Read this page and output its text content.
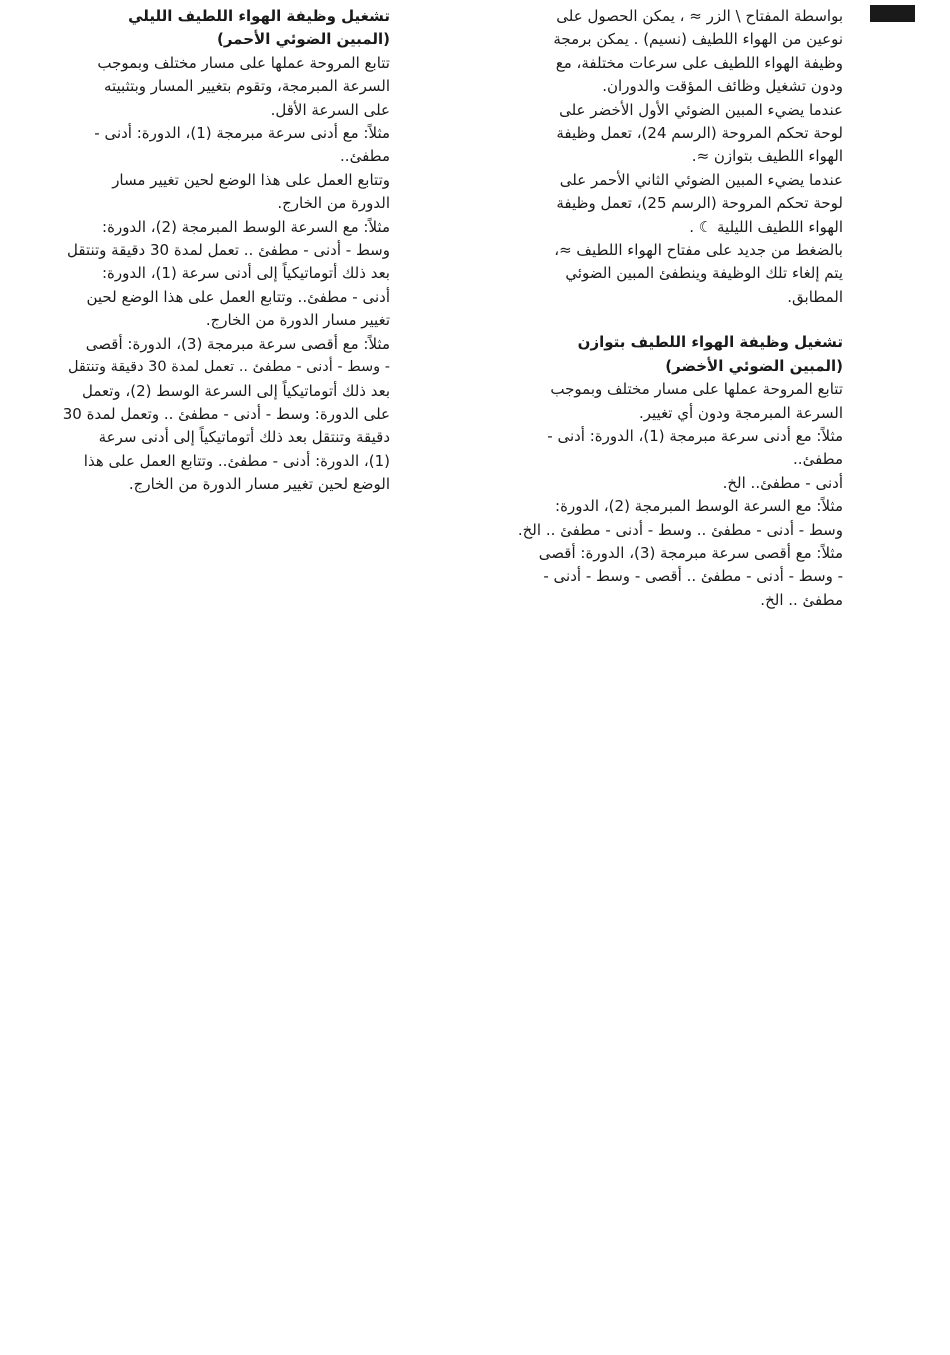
بواسطة المفتاح \ الزر ≈ ، يمكن الحصول على
نوعين من الهواء اللطيف (نسيم) . يمكن برمجة
وظيفة الهواء اللطيف على سرعات مختلفة، مع
ودون تشغيل وظائف المؤقت والدوران.
عندما يضيء المبين الضوئي الأول الأخضر على
لوحة تحكم المروحة (الرسم 24)، تعمل وظيفة
الهواء اللطيف بتوازن ≈.
عندما يضيء المبين الضوئي الثاني الأحمر على
لوحة تحكم المروحة (الرسم 25)، تعمل وظيفة
الهواء اللطيف الليلية ☾ .
بالضغط من جديد على مفتاح الهواء اللطيف ≈،
يتم إلغاء تلك الوظيفة وينطفئ المبين الضوئي
المطابق.
تشغيل وظيفة الهواء اللطيف بتوازن
(المبين الضوئي الأخضر)
تتابع المروحة عملها على مسار مختلف وبموجب
السرعة المبرمجة ودون أي تغيير.
مثلاً: مع أدنى سرعة مبرمجة (1)، الدورة: أدنى -
مطفئ..
أدنى - مطفئ.. الخ.
مثلاً: مع السرعة الوسط المبرمجة (2)، الدورة:
وسط - أدنى - مطفئ .. وسط - أدنى - مطفئ .. الخ.
مثلاً: مع أقصى سرعة مبرمجة (3)، الدورة: أقصى
- وسط - أدنى - مطفئ .. أقصى - وسط - أدنى -
مطفئ .. الخ.
تشغيل وظيفة الهواء اللطيف الليلي
(المبين الضوئي الأحمر)
تتابع المروحة عملها على مسار مختلف وبموجب
السرعة المبرمجة، وتقوم بتغيير المسار وبتثبيته
على السرعة الأقل.
مثلاً: مع أدنى سرعة مبرمجة (1)، الدورة: أدنى -
مطفئ..
وتتابع العمل على هذا الوضع لحين تغيير مسار
الدورة من الخارج.
مثلاً: مع السرعة الوسط المبرمجة (2)، الدورة:
وسط - أدنى - مطفئ .. تعمل لمدة 30 دقيقة وتنتقل
بعد ذلك أتوماتيكياً إلى أدنى سرعة (1)، الدورة:
أدنى - مطفئ.. وتتابع العمل على هذا الوضع لحين
تغيير مسار الدورة من الخارج.
مثلاً: مع أقصى سرعة مبرمجة (3)، الدورة: أقصى
- وسط - أدنى - مطفئ .. تعمل لمدة 30 دقيقة وتنتقل
بعد ذلك أتوماتيكياً إلى السرعة الوسط (2)، وتعمل
على الدورة: وسط - أدنى - مطفئ .. وتعمل لمدة 30
دقيقة وتنتقل بعد ذلك أتوماتيكياً إلى أدنى سرعة
(1)، الدورة: أدنى - مطفئ.. وتتابع العمل على هذا
الوضع لحين تغيير مسار الدورة من الخارج.
